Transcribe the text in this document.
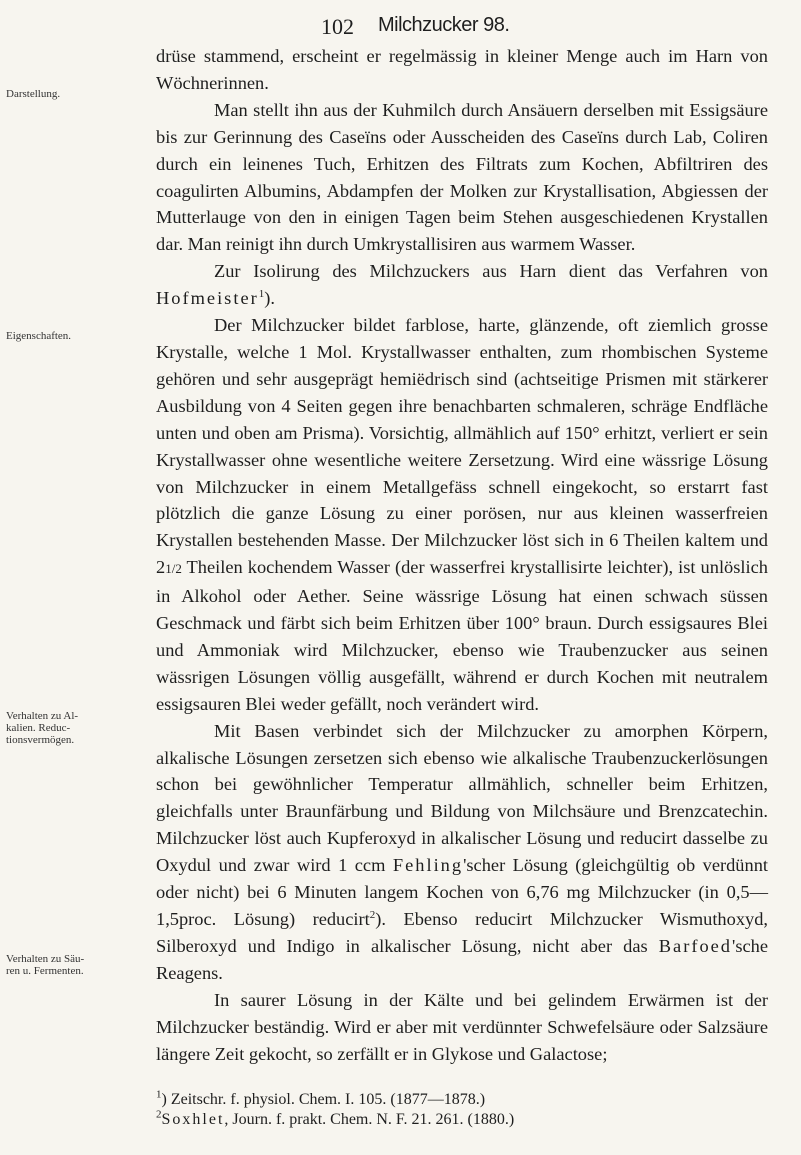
102 Milchzucker 98.
Darstellung.
Eigenschaften.
Verhalten zu Al-kalien. Reduc-tionsvermögen.
Verhalten zu Säu-ren u. Fermenten.

drüse stammend, erscheint er regelmässig in kleiner Menge auch im Harn von Wöchnerinnen.

Man stellt ihn aus der Kuhmilch durch Ansäuern derselben mit Essigsäure bis zur Gerinnung des Caseïns oder Ausscheiden des Caseïns durch Lab, Coliren durch ein leinenes Tuch, Erhitzen des Filtrats zum Kochen, Abfiltriren des coagulirten Albumins, Abdampfen der Molken zur Krystallisation, Abgiessen der Mutterlauge von den in einigen Tagen beim Stehen ausgeschiedenen Krystallen dar. Man reinigt ihn durch Umkrystallisiren aus warmem Wasser.

Zur Isolirung des Milchzuckers aus Harn dient das Verfahren von Hofmeister$^1$).

Der Milchzucker bildet farblose, harte, glänzende, oft ziemlich grosse Krystalle, welche 1 Mol. Krystallwasser enthalten, zum rhombischen Systeme gehören und sehr ausgeprägt hemiëdrisch sind (achtseitige Prismen mit stärkerer Ausbildung von 4 Seiten gegen ihre benachbarten schmaleren, schräge Endfläche unten und oben am Prisma). Vorsichtig, allmählich auf 150° erhitzt, verliert er sein Krystallwasser ohne wesentliche weitere Zersetzung. Wird eine wässrige Lösung von Milchzucker in einem Metallgefäss schnell eingekocht, so erstarrt fast plötzlich die ganze Lösung zu einer porösen, nur aus kleinen wasserfreien Krystallen bestehenden Masse. Der Milchzucker löst sich in 6 Theilen kaltem und 21/2 Theilen kochendem Wasser (der wasserfrei krystallisirte leichter), ist unlöslich in Alkohol oder Aether. Seine wässrige Lösung hat einen schwach süssen Geschmack und färbt sich beim Erhitzen über 100° braun. Durch essigsaures Blei und Ammoniak wird Milchzucker, ebenso wie Traubenzucker aus seinen wässrigen Lösungen völlig ausgefällt, während er durch Kochen mit neutralem essigsauren Blei weder gefällt, noch verändert wird.

Mit Basen verbindet sich der Milchzucker zu amorphen Körpern, alkalische Lösungen zersetzen sich ebenso wie alkalische Traubenzuckerlösungen schon bei gewöhnlicher Temperatur allmählich, schneller beim Erhitzen, gleichfalls unter Braunfärbung und Bildung von Milchsäure und Brenzcatechin. Milchzucker löst auch Kupferoxyd in alkalischer Lösung und reducirt dasselbe zu Oxydul und zwar wird 1 ccm Fehling'scher Lösung (gleichgültig ob verdünnt oder nicht) bei 6 Minuten langem Kochen von 6,76 mg Milchzucker (in 0,5—1,5proc. Lösung) reducirt$^2$). Ebenso reducirt Milchzucker Wismuthoxyd, Silberoxyd und Indigo in alkalischer Lösung, nicht aber das Barfoed'sche Reagens.

In saurer Lösung in der Kälte und bei gelindem Erwärmen ist der Milchzucker beständig. Wird er aber mit verdünnter Schwefelsäure oder Salzsäure längere Zeit gekocht, so zerfällt er in Glykose und Galactose;

$^1$) Zeitschr. f. physiol. Chem. I. 105. (1877—1878.)
$^2$Soxhlet, Journ. f. prakt. Chem. N. F. 21. 261. (1880.)
